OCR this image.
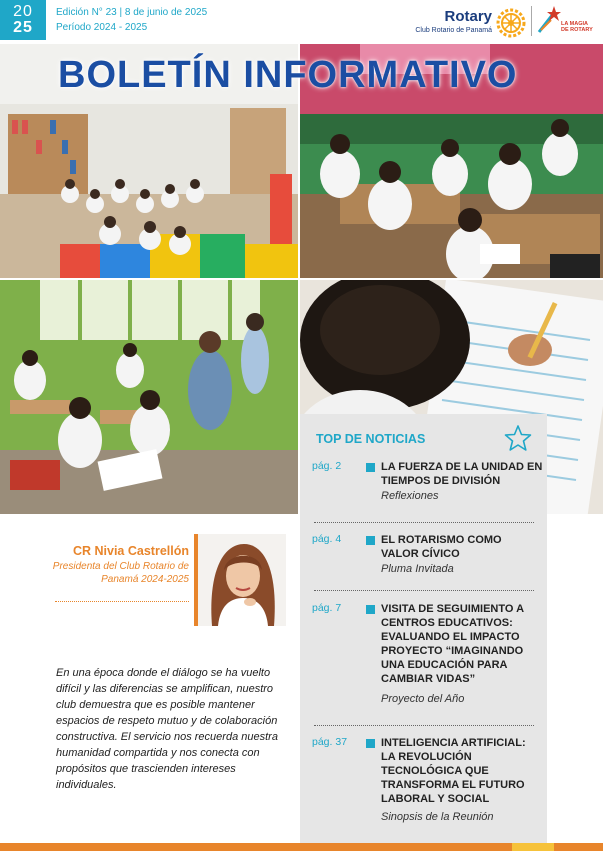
20
25
Edición N° 23 | 8 de junio de 2025
Período 2024 - 2025
Rotary
Club Rotario de Panamá
LA MAGIA
DE ROTARY
BOLETÍN INFORMATIVO
TOP DE NOTICIAS
pág. 2	LA FUERZA DE LA UNIDAD EN TIEMPOS DE DIVISIÓN
Reflexiones
pág. 4	EL ROTARISMO COMO VALOR CÍVICO
Pluma Invitada
pág. 7	VISITA DE SEGUIMIENTO A CENTROS EDUCATIVOS: EVALUANDO EL IMPACTO PROYECTO “IMAGINANDO UNA EDUCACIÓN PARA CAMBIAR VIDAS”
Proyecto del Año
pág. 37	INTELIGENCIA ARTIFICIAL: LA REVOLUCIÓN TECNOLÓGICA QUE TRANSFORMA EL FUTURO LABORAL Y SOCIAL
Sinopsis de la Reunión
CR Nivia Castrellón
Presidenta del Club Rotario de Panamá 2024-2025

En una época donde el diálogo se ha vuelto difícil y las diferencias se amplifican, nuestro club demuestra que es posible mantener espacios de respeto mutuo y de colaboración constructiva. El servicio nos recuerda nuestra humanidad compartida y nos conecta con propósitos que trascienden intereses individuales.
